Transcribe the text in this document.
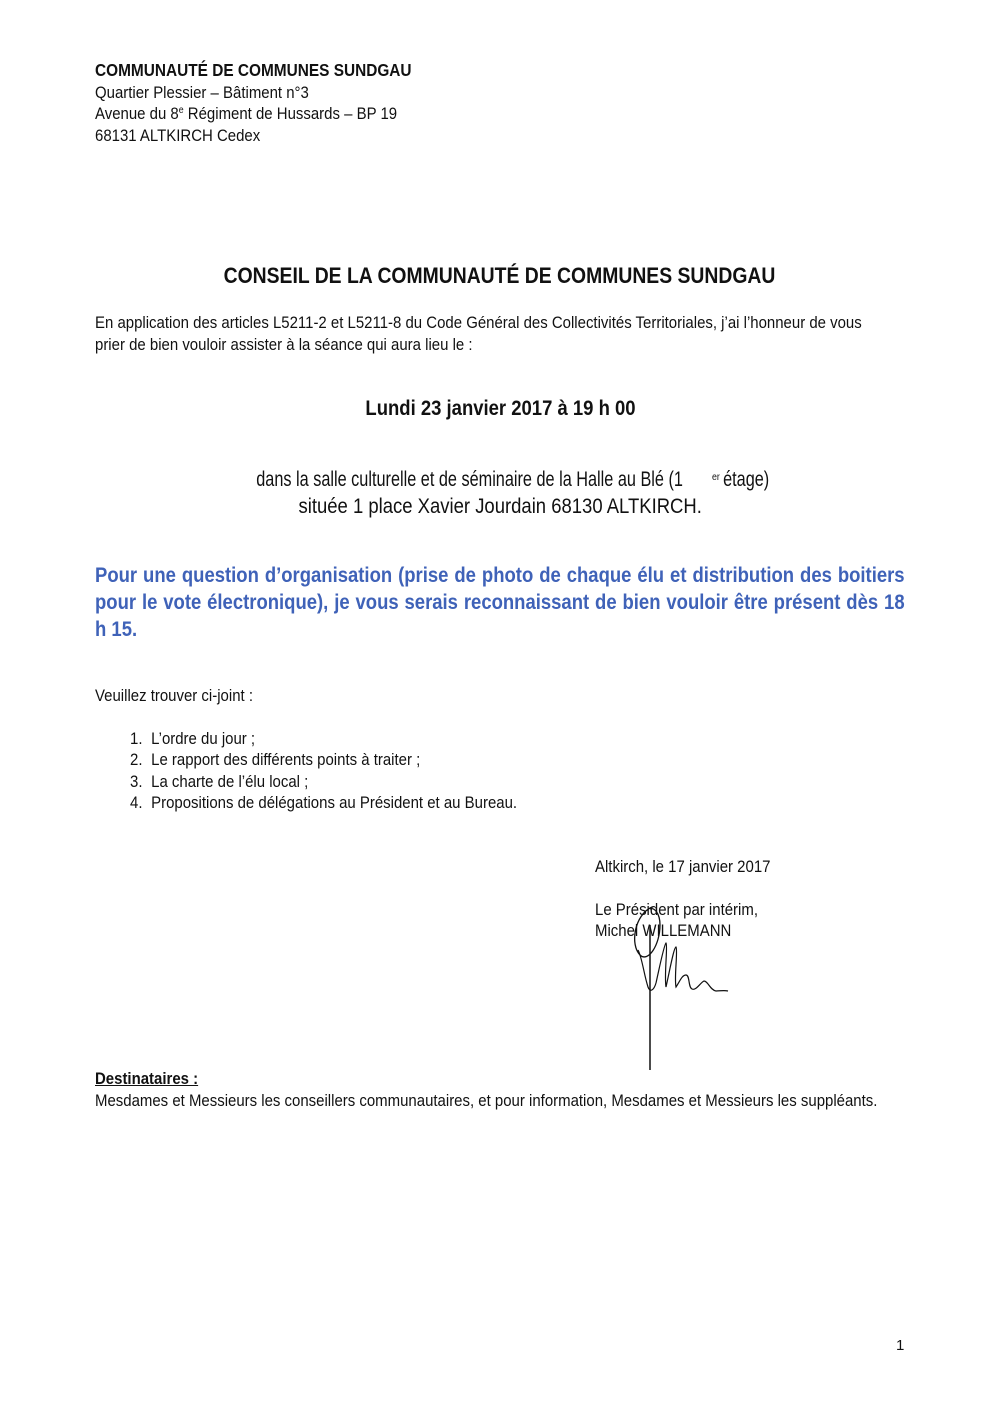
COMMUNAUTÉ DE COMMUNES SUNDGAU
Quartier Plessier – Bâtiment n°3
Avenue du 8e Régiment de Hussards – BP 19
68131 ALTKIRCH Cedex
CONSEIL DE LA COMMUNAUTÉ DE COMMUNES SUNDGAU
En application des articles L5211-2 et L5211-8 du Code Général des Collectivités Territoriales, j’ai l’honneur de vous
prier de bien vouloir assister à la séance qui aura lieu le :
Lundi 23 janvier 2017 à 19 h 00
dans la salle culturelle et de séminaire de la Halle au Blé (1	$^{er}$étage)
située 1 place Xavier Jourdain 68130 ALTKIRCH.
Pour une question d’organisation (prise de photo de chaque élu et distribution des boitiers pour le vote électronique), je vous serais reconnaissant de bien vouloir être présent dès 18 h 15.
Veuillez trouver ci-joint :
1. L’ordre du jour ;
2. Le rapport des différents points à traiter ;
3. La charte de l’élu local ;
4. Propositions de délégations au Président et au Bureau.
Altkirch, le 17 janvier 2017
Le Président par intérim,
Michel WILLEMANN
Destinataires :
Mesdames et Messieurs les conseillers communautaires, et pour information, Mesdames et Messieurs les suppléants.
1
